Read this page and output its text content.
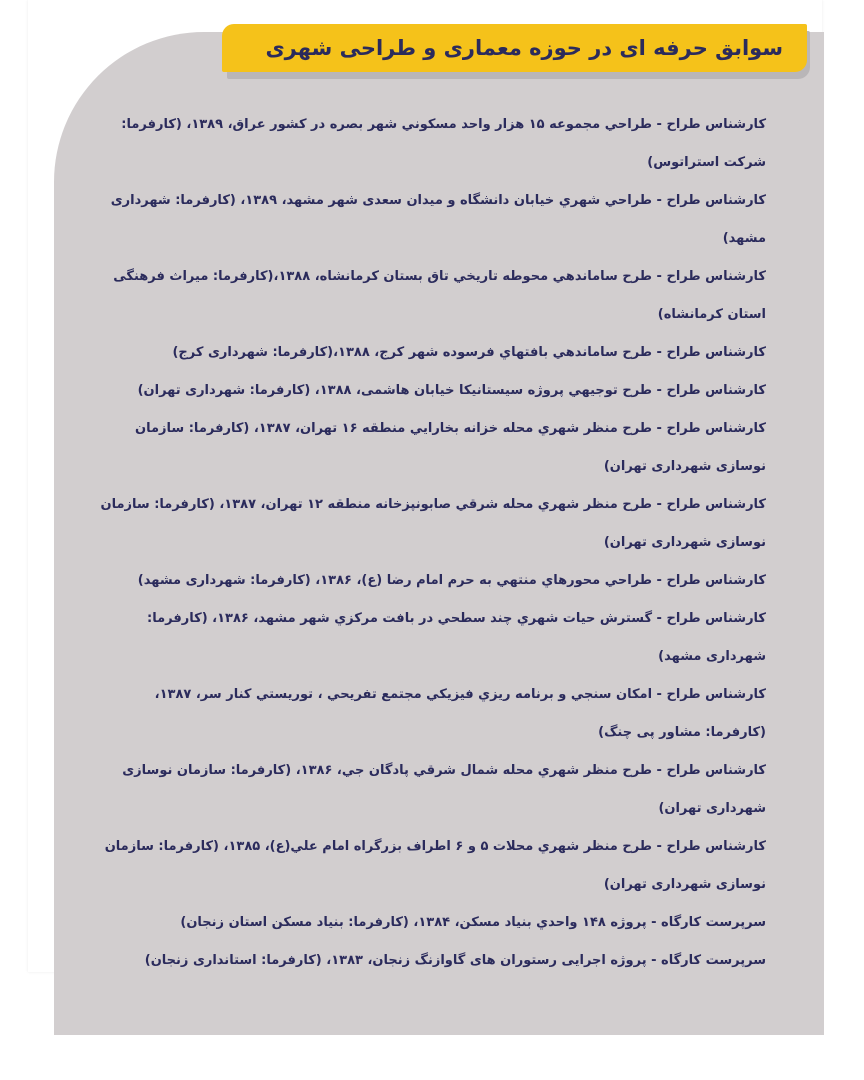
سوابق حرفه ای در حوزه معماری و طراحی شهری
کارشناس طراح - طراحي مجموعه ۱۵ هزار واحد مسكوني شهر بصره در كشور عراق، ۱۳۸۹، (کارفرما: شرکت استراتوس)
کارشناس طراح - طراحي شهري خيابان دانشگاه و ميدان سعدی شهر مشهد، ۱۳۸۹، (کارفرما: شهرداری مشهد)
کارشناس طراح - طرح ساماندهي محوطه تاريخي تاق بستان كرمانشاه، ۱۳۸۸،(کارفرما: میراث فرهنگی استان کرمانشاه)
کارشناس طراح - طرح ساماندهي بافتهاي فرسوده شهر كرج، ۱۳۸۸،(کارفرما: شهرداری کرج)
کارشناس طراح - طرح توجيهي پروژه سيستانيكا خيابان هاشمی، ۱۳۸۸، (کارفرما: شهرداری تهران)
کارشناس طراح - طرح منظر شهري محله خزانه بخارايي منطقه ۱۶ تهران، ۱۳۸۷، (کارفرما: سازمان نوسازی شهرداری تهران)
کارشناس طراح - طرح منظر شهري محله شرقي صابونپزخانه منطقه ۱۲ تهران، ۱۳۸۷، (کارفرما: سازمان نوسازی شهرداری تهران)
کارشناس طراح - طراحي محورهاي منتهي به حرم امام رضا (ع)، ۱۳۸۶، (کارفرما: شهرداری مشهد)
کارشناس طراح - گسترش حيات شهري چند سطحي در بافت مركزي شهر مشهد، ۱۳۸۶، (کارفرما: شهرداری مشهد)
کارشناس طراح - امكان سنجي و برنامه ريزي فيزيكي مجتمع تفريحي ، توريستي كنار سر، ۱۳۸۷، (کارفرما: مشاور پی چنگ)
کارشناس طراح - طرح منظر شهري محله شمال شرقي پادگان جي، ۱۳۸۶، (کارفرما: سازمان نوسازی شهرداری تهران)
کارشناس طراح - طرح منظر شهري محلات ۵ و ۶ اطراف بزرگراه امام علي(ع)، ۱۳۸۵، (کارفرما: سازمان نوسازی شهرداری تهران)
سرپرست کارگاه - پروژه ۱۴۸ واحدي بنياد مسكن، ۱۳۸۴، (کارفرما: بنیاد مسکن استان زنجان)
سرپرست کارگاه - پروژه اجرایی رستوران های گاوازنگ زنجان، ۱۳۸۳، (کارفرما: استانداری زنجان)
